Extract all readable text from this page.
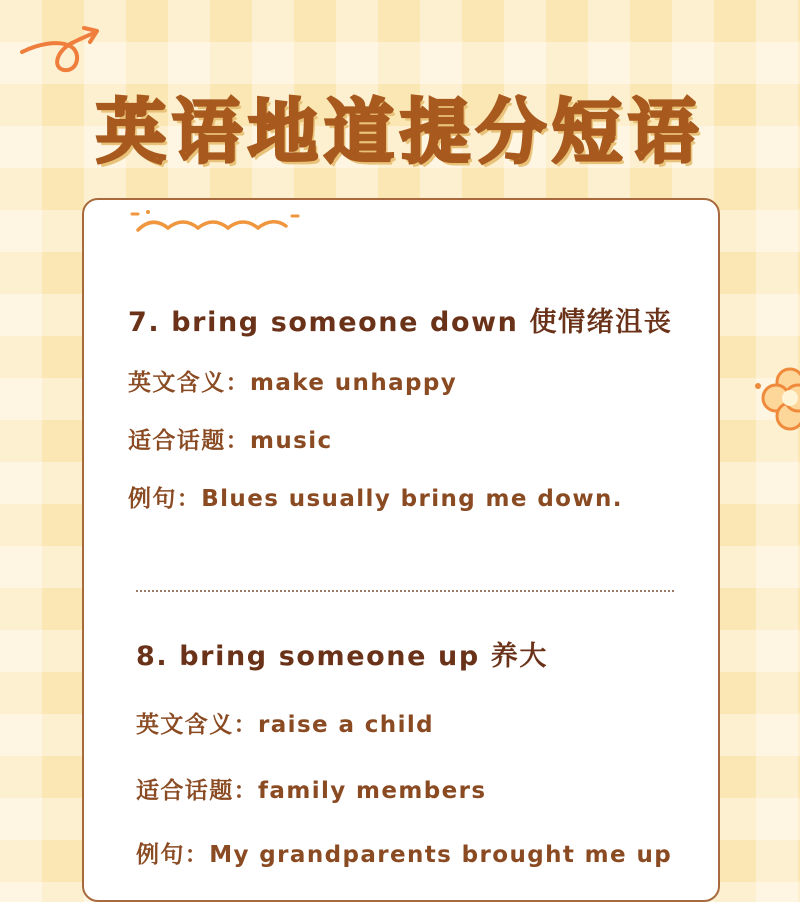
英语地道提分短语
7. bring someone down 使情绪沮丧
英文含义：make unhappy
适合话题：music
例句：Blues usually bring me down.
8. bring someone up 养大
英文含义：raise a child
适合话题：family members
例句：My grandparents brought me up
